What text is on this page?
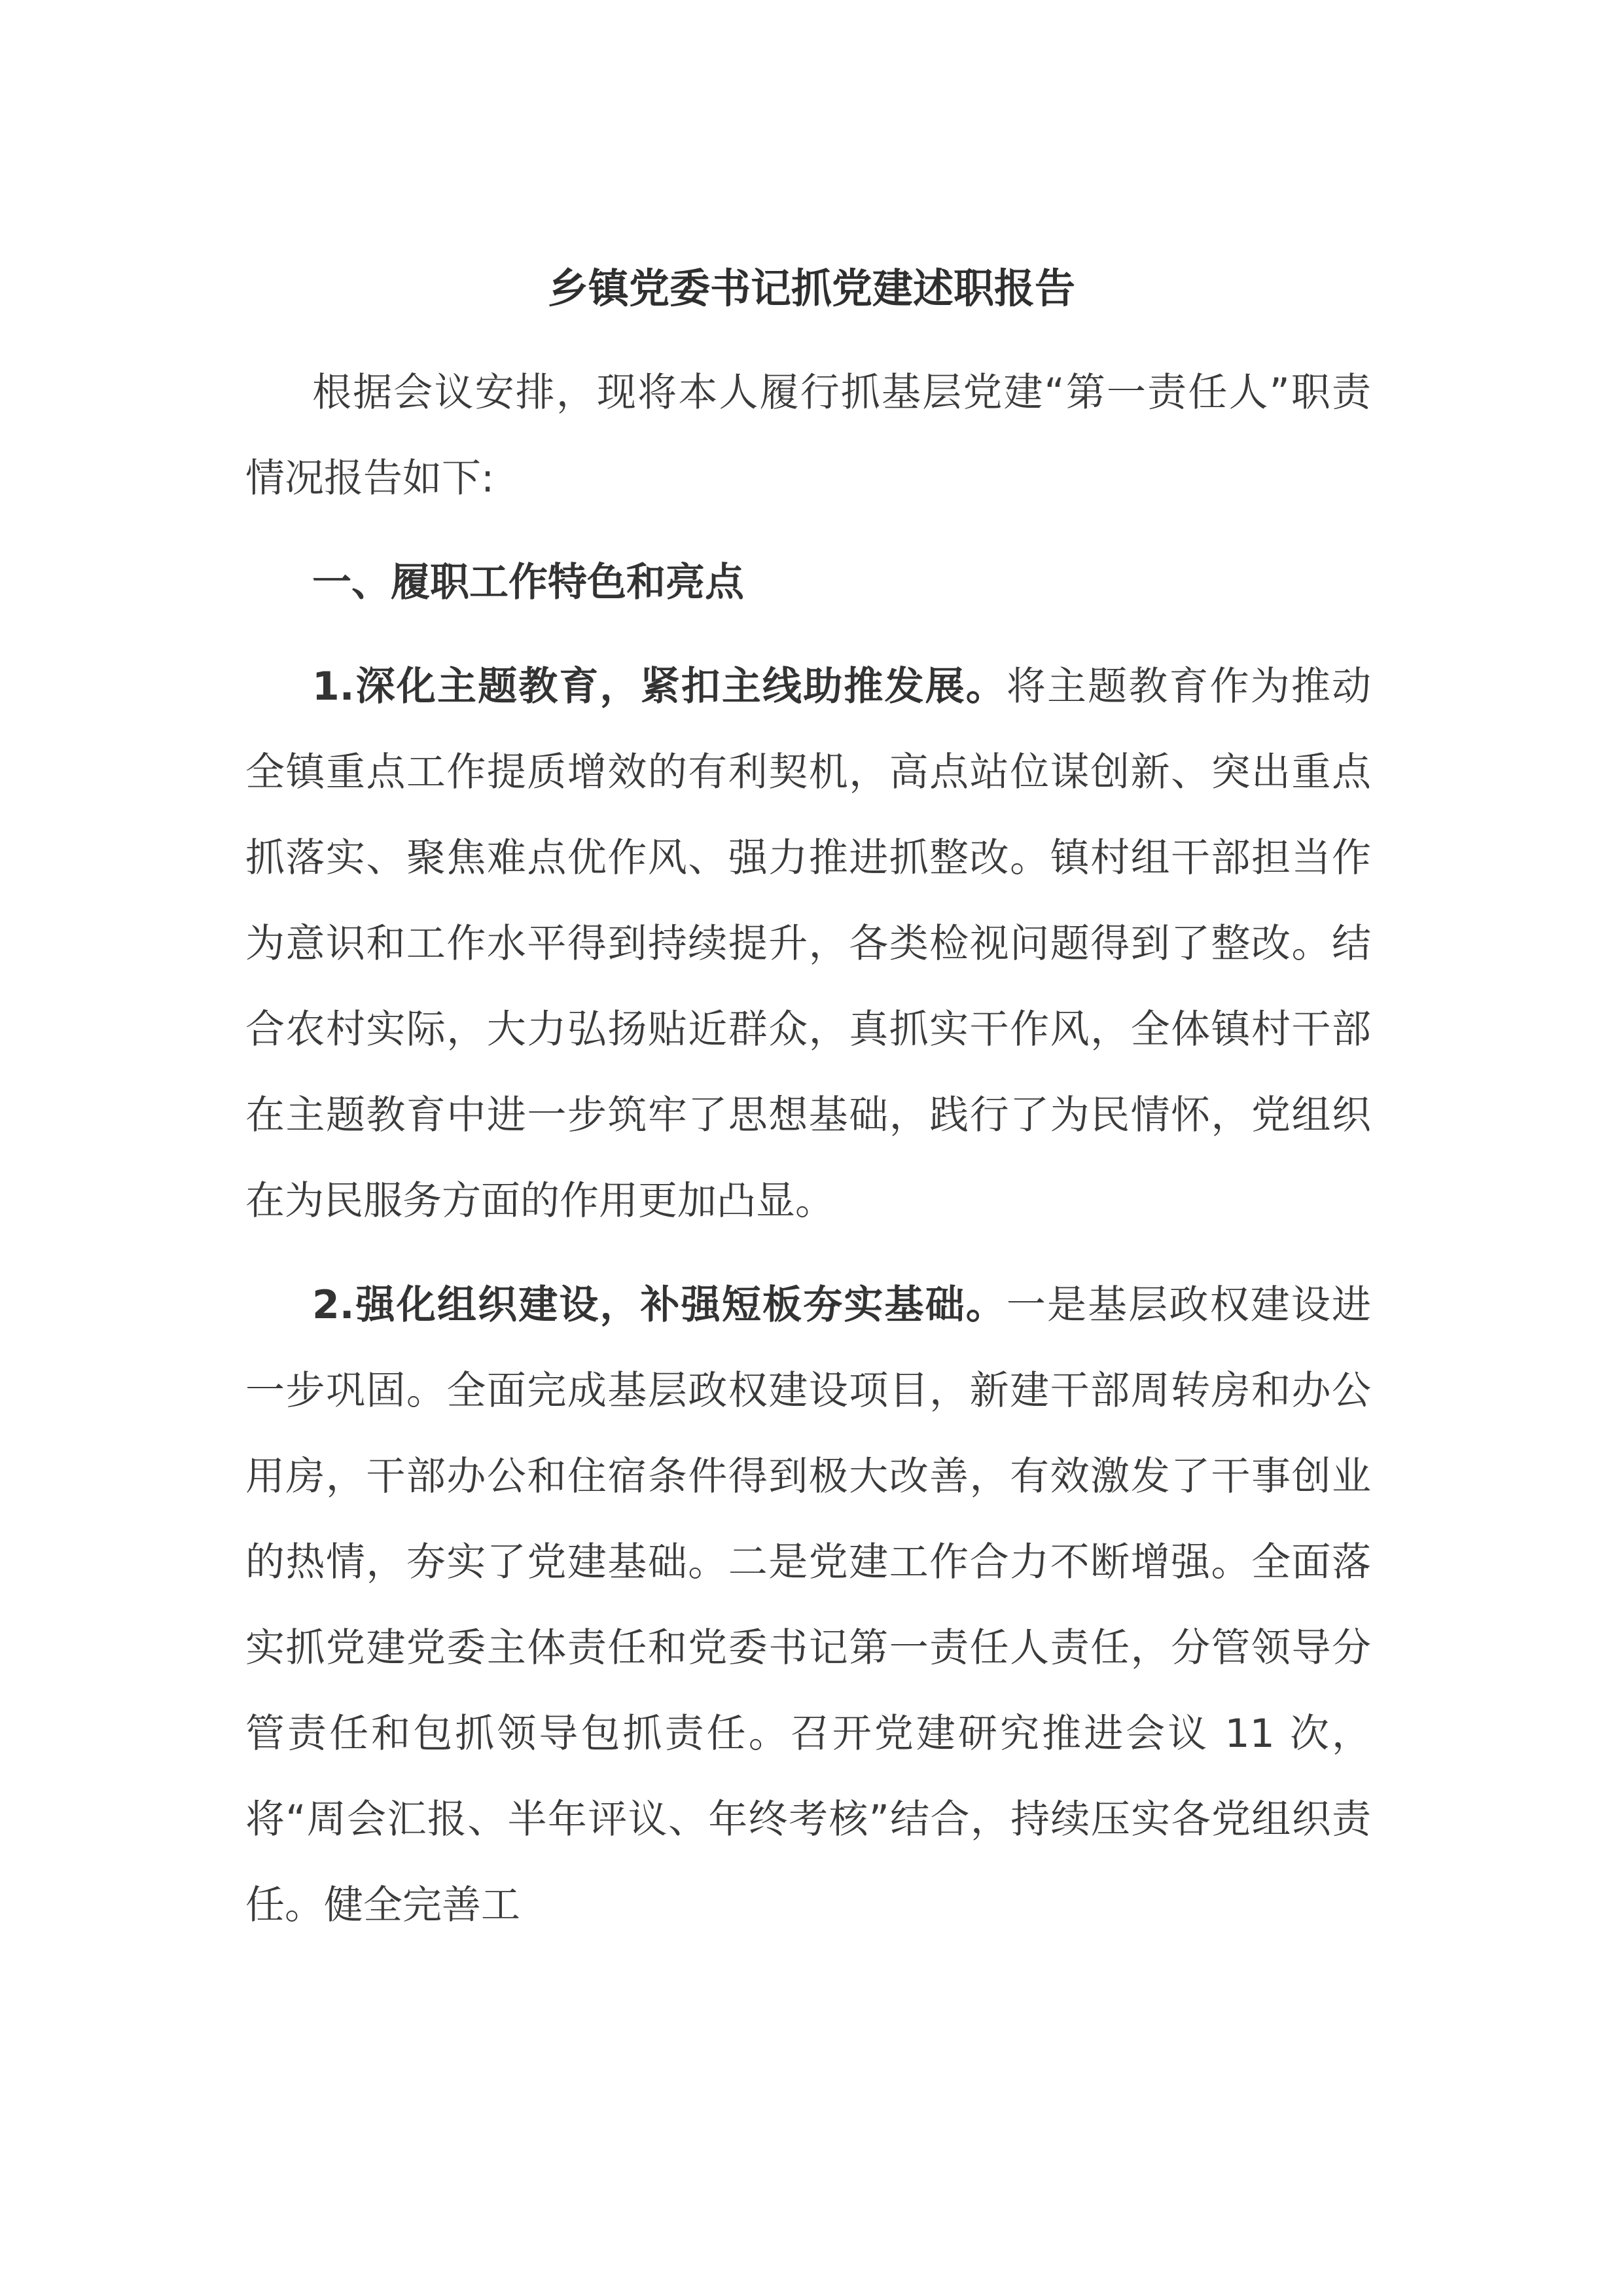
乡镇党委书记抓党建述职报告

根据会议安排，现将本人履行抓基层党建“第一责任人”职责情况报告如下:

一、履职工作特色和亮点

1.深化主题教育，紧扣主线助推发展。将主题教育作为推动全镇重点工作提质增效的有利契机，高点站位谋创新、突出重点抓落实、聚焦难点优作风、强力推进抓整改。镇村组干部担当作为意识和工作水平得到持续提升，各类检视问题得到了整改。结合农村实际，大力弘扬贴近群众，真抓实干作风，全体镇村干部在主题教育中进一步筑牢了思想基础，践行了为民情怀，党组织在为民服务方面的作用更加凸显。

2.强化组织建设，补强短板夯实基础。一是基层政权建设进一步巩固。全面完成基层政权建设项目，新建干部周转房和办公用房，干部办公和住宿条件得到极大改善，有效激发了干事创业的热情，夯实了党建基础。二是党建工作合力不断增强。全面落实抓党建党委主体责任和党委书记第一责任人责任，分管领导分管责任和包抓领导包抓责任。召开党建研究推进会议 11 次，将“周会汇报、半年评议、年终考核”结合，持续压实各党组织责任。健全完善工
